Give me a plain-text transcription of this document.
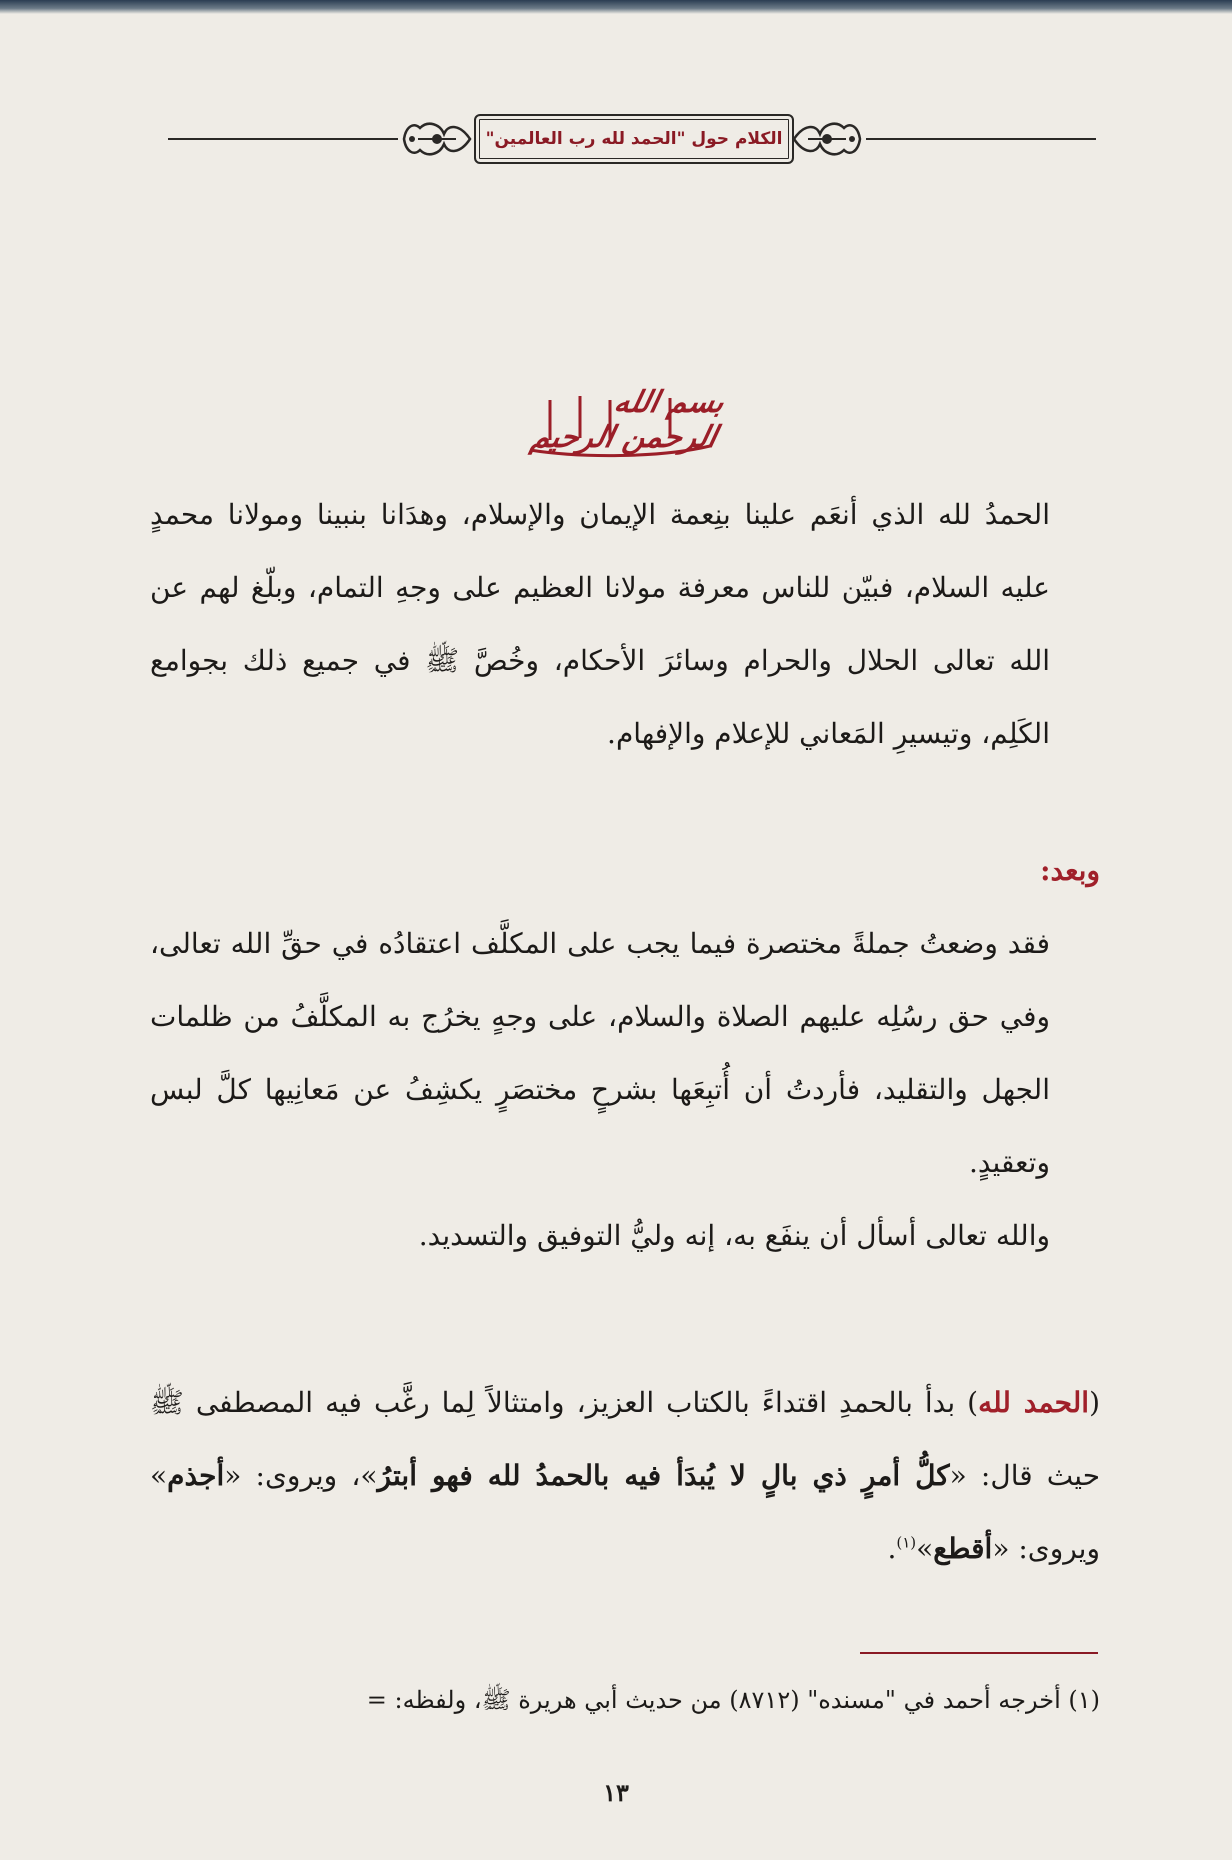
الكلام حول "الحمد لله رب العالمين"
بسم الله الرحمن الرحيم

الحمدُ لله الذي أنعَم علينا بنِعمة الإيمان والإسلام، وهدَانا بنبينا ومولانا محمدٍ عليه السلام، فبيّن للناس معرفة مولانا العظيم على وجهِ التمام، وبلّغ لهم عن الله تعالى الحلال والحرام وسائرَ الأحكام، وخُصَّ ﷺ في جميع ذلك بجوامع الكَلِم، وتيسيرِ المَعاني للإعلام والإفهام.

وبعد:

فقد وضعتُ جملةً مختصرة فيما يجب على المكلَّف اعتقادُه في حقِّ الله تعالى، وفي حق رسُلِه عليهم الصلاة والسلام، على وجهٍ يخرُج به المكلَّفُ من ظلمات الجهل والتقليد، فأردتُ أن أُتبِعَها بشرحٍ مختصَرٍ يكشِفُ عن مَعانِيها كلَّ لبس وتعقيدٍ.

والله تعالى أسأل أن ينفَع به، إنه وليُّ التوفيق والتسديد.

(الحمد لله) بدأ بالحمدِ اقتداءً بالكتاب العزيز، وامتثالاً لِما رغَّب فيه المصطفى ﷺ حيث قال: «كلُّ أمرٍ ذي بالٍ لا يُبدَأ فيه بالحمدُ لله فهو أبترُ»، ويروى: «أجذم» ويروى: «أقطع»$^{(١)}$.

(١) أخرجه أحمد في "مسنده" (٨٧١٢) من حديث أبي هريرة ﷺ، ولفظه: =
١٣
